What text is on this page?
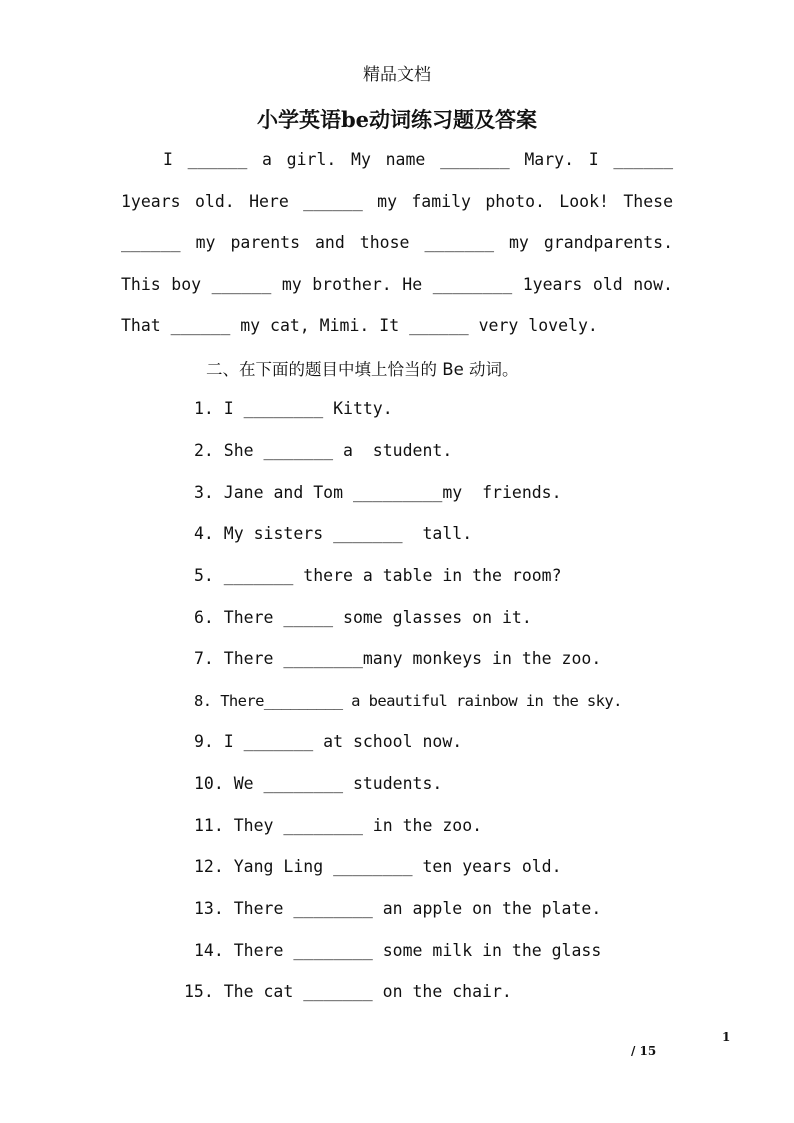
精品文档
小学英语be动词练习题及答案
I ______ a girl. My name _______ Mary. I ______
1years old. Here ______ my family photo. Look! These
______ my parents and those _______ my grandparents.
This boy ______ my brother. He ________ 1years old now.
That ______ my cat, Mimi. It ______ very lovely.
二、在下面的题目中填上恰当的 Be 动词。
1. I ________ Kitty.
2. She _______ a  student.
3. Jane and Tom _________my  friends.
4. My sisters _______  tall.
5. _______ there a table in the room?
6. There _____ some glasses on it.
7. There ________many monkeys in the zoo.
8. There_________ a beautiful rainbow in the sky.
9. I _______ at school now.
10. We ________ students.
11. They ________ in the zoo.
12. Yang Ling ________ ten years old.
13. There ________ an apple on the plate.
14. There ________ some milk in the glass
15. The cat _______ on the chair.
1
/ 15
